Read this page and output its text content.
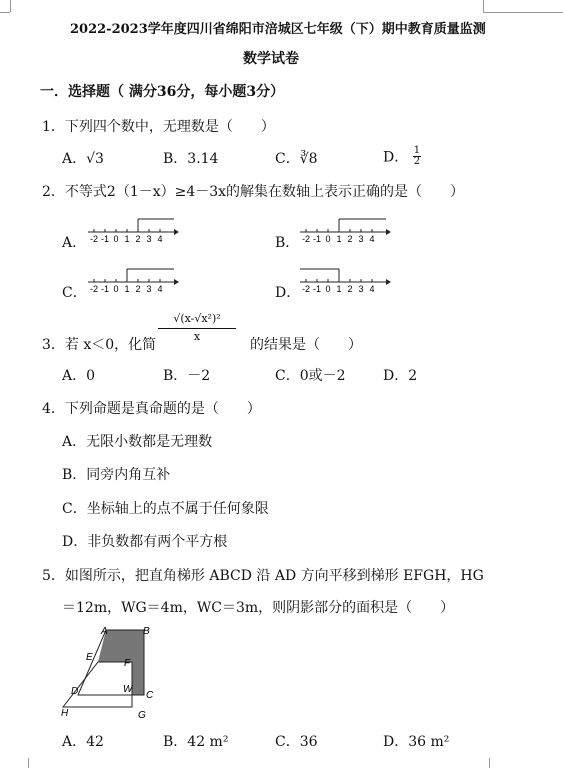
2022-2023学年度四川省绵阳市涪城区七年级（下）期中教育质量监测
数学试卷
一．选择题（ 满分36分，每小题3分）
1．下列四个数中，无理数是（　　）
A．√3	B．3.14	C．∛8	D． $\frac{1}{2}$
2．不等式2（1－x）≥4－3x的解集在数轴上表示正确的是（　　）
A． -2 -1 0 1 2 3 4	B． -2 -1 0 1 2 3 4
C． -2 -1 0 1 2 3 4	D． -2 -1 0 1 2 3 4
3．若 x＜0，化简
$\frac{\text{√(x-√x²)²}}{x}$
的结果是（　　）
A．0	B．－2	C．0或－2	D．2
4．下列命题是真命题的是（　　）
A．无限小数都是无理数
B．同旁内角互补
C．坐标轴上的点不属于任何象限
D．非负数都有两个平方根
5．如图所示，把直角梯形 ABCD 沿 AD 方向平移到梯形 EFGH，HG
＝12m，WG＝4m，WC＝3m，则阴影部分的面积是（　　）
A	B
E
F
D	W
C
H	G
A．42	B．42 m²	C．36	D．36 m²
